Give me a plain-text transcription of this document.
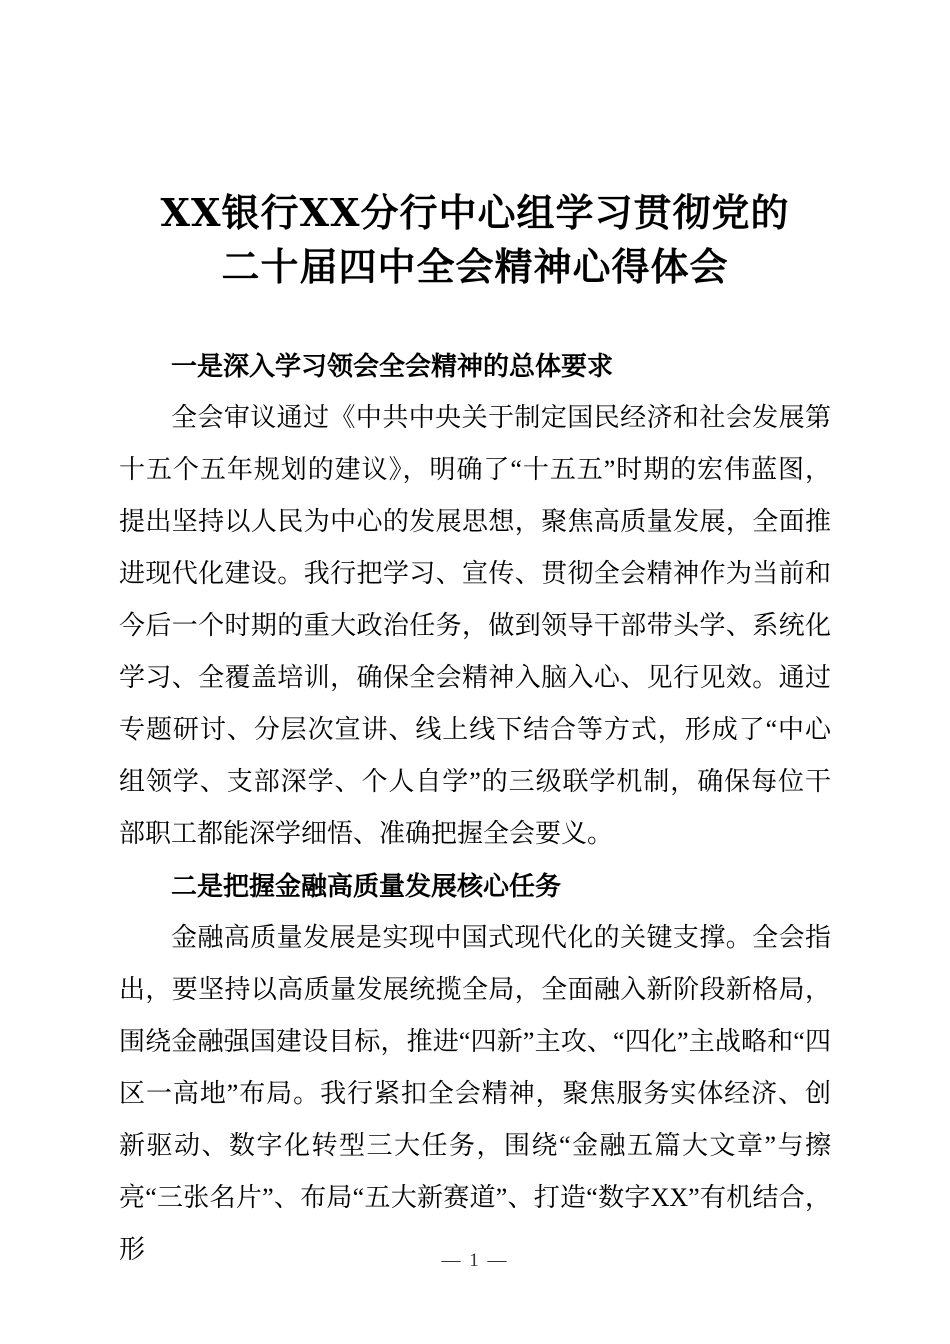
XX银行XX分行中心组学习贯彻党的二十届四中全会精神心得体会
一是深入学习领会全会精神的总体要求

全会审议通过《中共中央关于制定国民经济和社会发展第十五个五年规划的建议》，明确了“十五五”时期的宏伟蓝图，提出坚持以人民为中心的发展思想，聚焦高质量发展，全面推进现代化建设。我行把学习、宣传、贯彻全会精神作为当前和今后一个时期的重大政治任务，做到领导干部带头学、系统化学习、全覆盖培训，确保全会精神入脑入心、见行见效。通过专题研讨、分层次宣讲、线上线下结合等方式，形成了“中心组领学、支部深学、个人自学”的三级联学机制，确保每位干部职工都能深学细悟、准确把握全会要义。

二是把握金融高质量发展核心任务

金融高质量发展是实现中国式现代化的关键支撑。全会指出，要坚持以高质量发展统揽全局，全面融入新阶段新格局，围绕金融强国建设目标，推进“四新”主攻、“四化”主战略和“四区一高地”布局。我行紧扣全会精神，聚焦服务实体经济、创新驱动、数字化转型三大任务，围绕“金融五篇大文章”与擦亮“三张名片”、布局“五大新赛道”、打造“数字XX”有机结合，形	— 1 —
